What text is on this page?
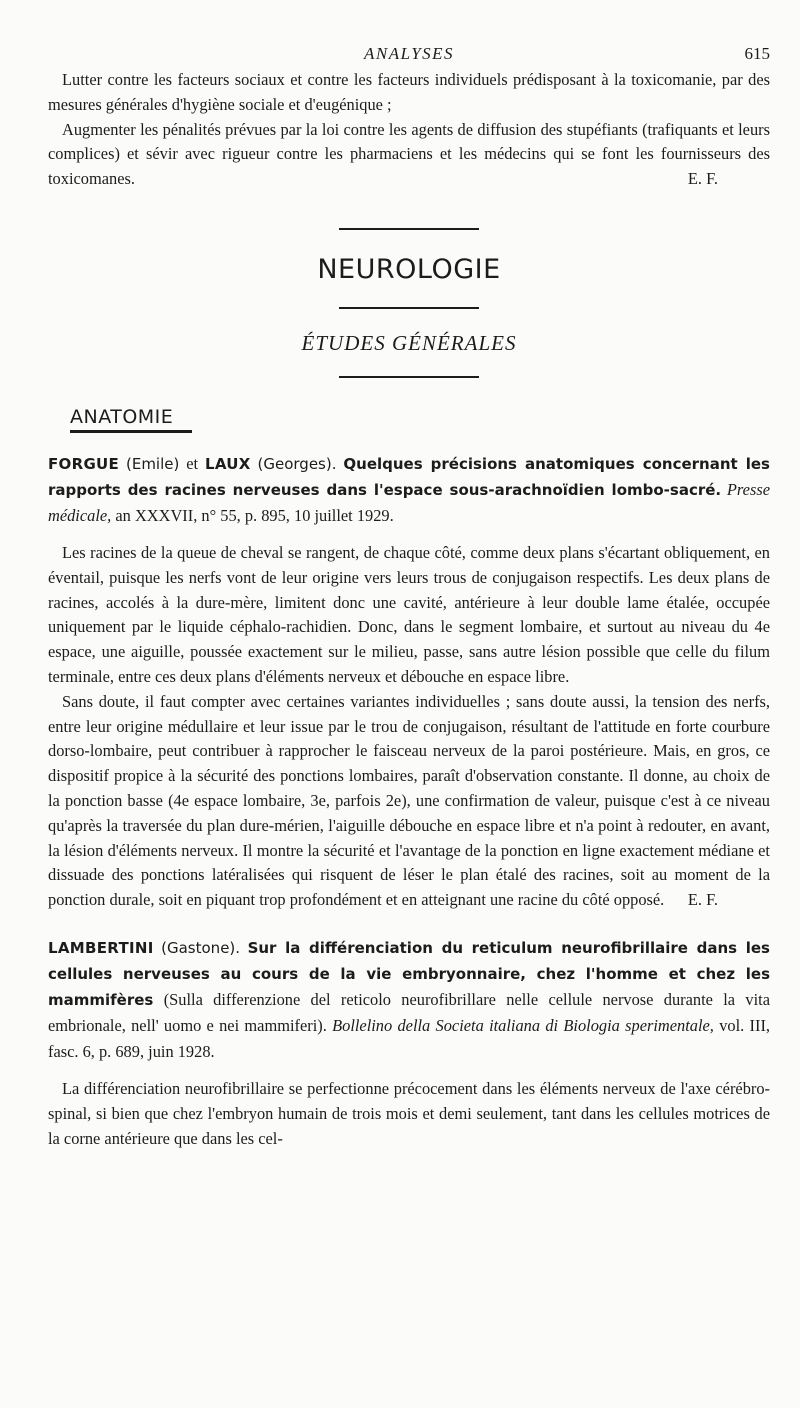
ANALYSES	615

Lutter contre les facteurs sociaux et contre les facteurs individuels prédisposant à la toxicomanie, par des mesures générales d'hygiène sociale et d'eugénique ;

Augmenter les pénalités prévues par la loi contre les agents de diffusion des stupéfiants (trafiquants et leurs complices) et sévir avec rigueur contre les pharmaciens et les médecins qui se font les fournisseurs des toxicomanes.	E. F.

NEUROLOGIE
ÉTUDES GÉNÉRALES
ANATOMIE

FORGUE (Emile) et LAUX (Georges). Quelques précisions anatomiques concernant les rapports des racines nerveuses dans l'espace sous-arachnoïdien lombo-sacré. Presse médicale, an XXXVII, n° 55, p. 895, 10 juillet 1929.

Les racines de la queue de cheval se rangent, de chaque côté, comme deux plans s'écartant obliquement, en éventail, puisque les nerfs vont de leur origine vers leurs trous de conjugaison respectifs. Les deux plans de racines, accolés à la dure-mère, limitent donc une cavité, antérieure à leur double lame étalée, occupée uniquement par le liquide céphalo-rachidien. Donc, dans le segment lombaire, et surtout au niveau du 4e espace, une aiguille, poussée exactement sur le milieu, passe, sans autre lésion possible que celle du filum terminale, entre ces deux plans d'éléments nerveux et débouche en espace libre.

Sans doute, il faut compter avec certaines variantes individuelles ; sans doute aussi, la tension des nerfs, entre leur origine médullaire et leur issue par le trou de conjugaison, résultant de l'attitude en forte courbure dorso-lombaire, peut contribuer à rapprocher le faisceau nerveux de la paroi postérieure. Mais, en gros, ce dispositif propice à la sécurité des ponctions lombaires, paraît d'observation constante. Il donne, au choix de la ponction basse (4e espace lombaire, 3e, parfois 2e), une confirmation de valeur, puisque c'est à ce niveau qu'après la traversée du plan dure-mérien, l'aiguille débouche en espace libre et n'a point à redouter, en avant, la lésion d'éléments nerveux. Il montre la sécurité et l'avantage de la ponction en ligne exactement médiane et dissuade des ponctions latéralisées qui risquent de léser le plan étalé des racines, soit au moment de la ponction durale, soit en piquant trop profondément et en atteignant une racine du côté opposé.	E. F.

LAMBERTINI (Gastone). Sur la différenciation du reticulum neurofibrillaire dans les cellules nerveuses au cours de la vie embryonnaire, chez l'homme et chez les mammifères (Sulla differenzione del reticolo neurofibrillare nelle cellule nervose durante la vita embrionale, nell' uomo e nei mammiferi). Bollelino della Societa italiana di Biologia sperimentale, vol. III, fasc. 6, p. 689, juin 1928.

La différenciation neurofibrillaire se perfectionne précocement dans les éléments nerveux de l'axe cérébro-spinal, si bien que chez l'embryon humain de trois mois et demi seulement, tant dans les cellules motrices de la corne antérieure que dans les cel-
